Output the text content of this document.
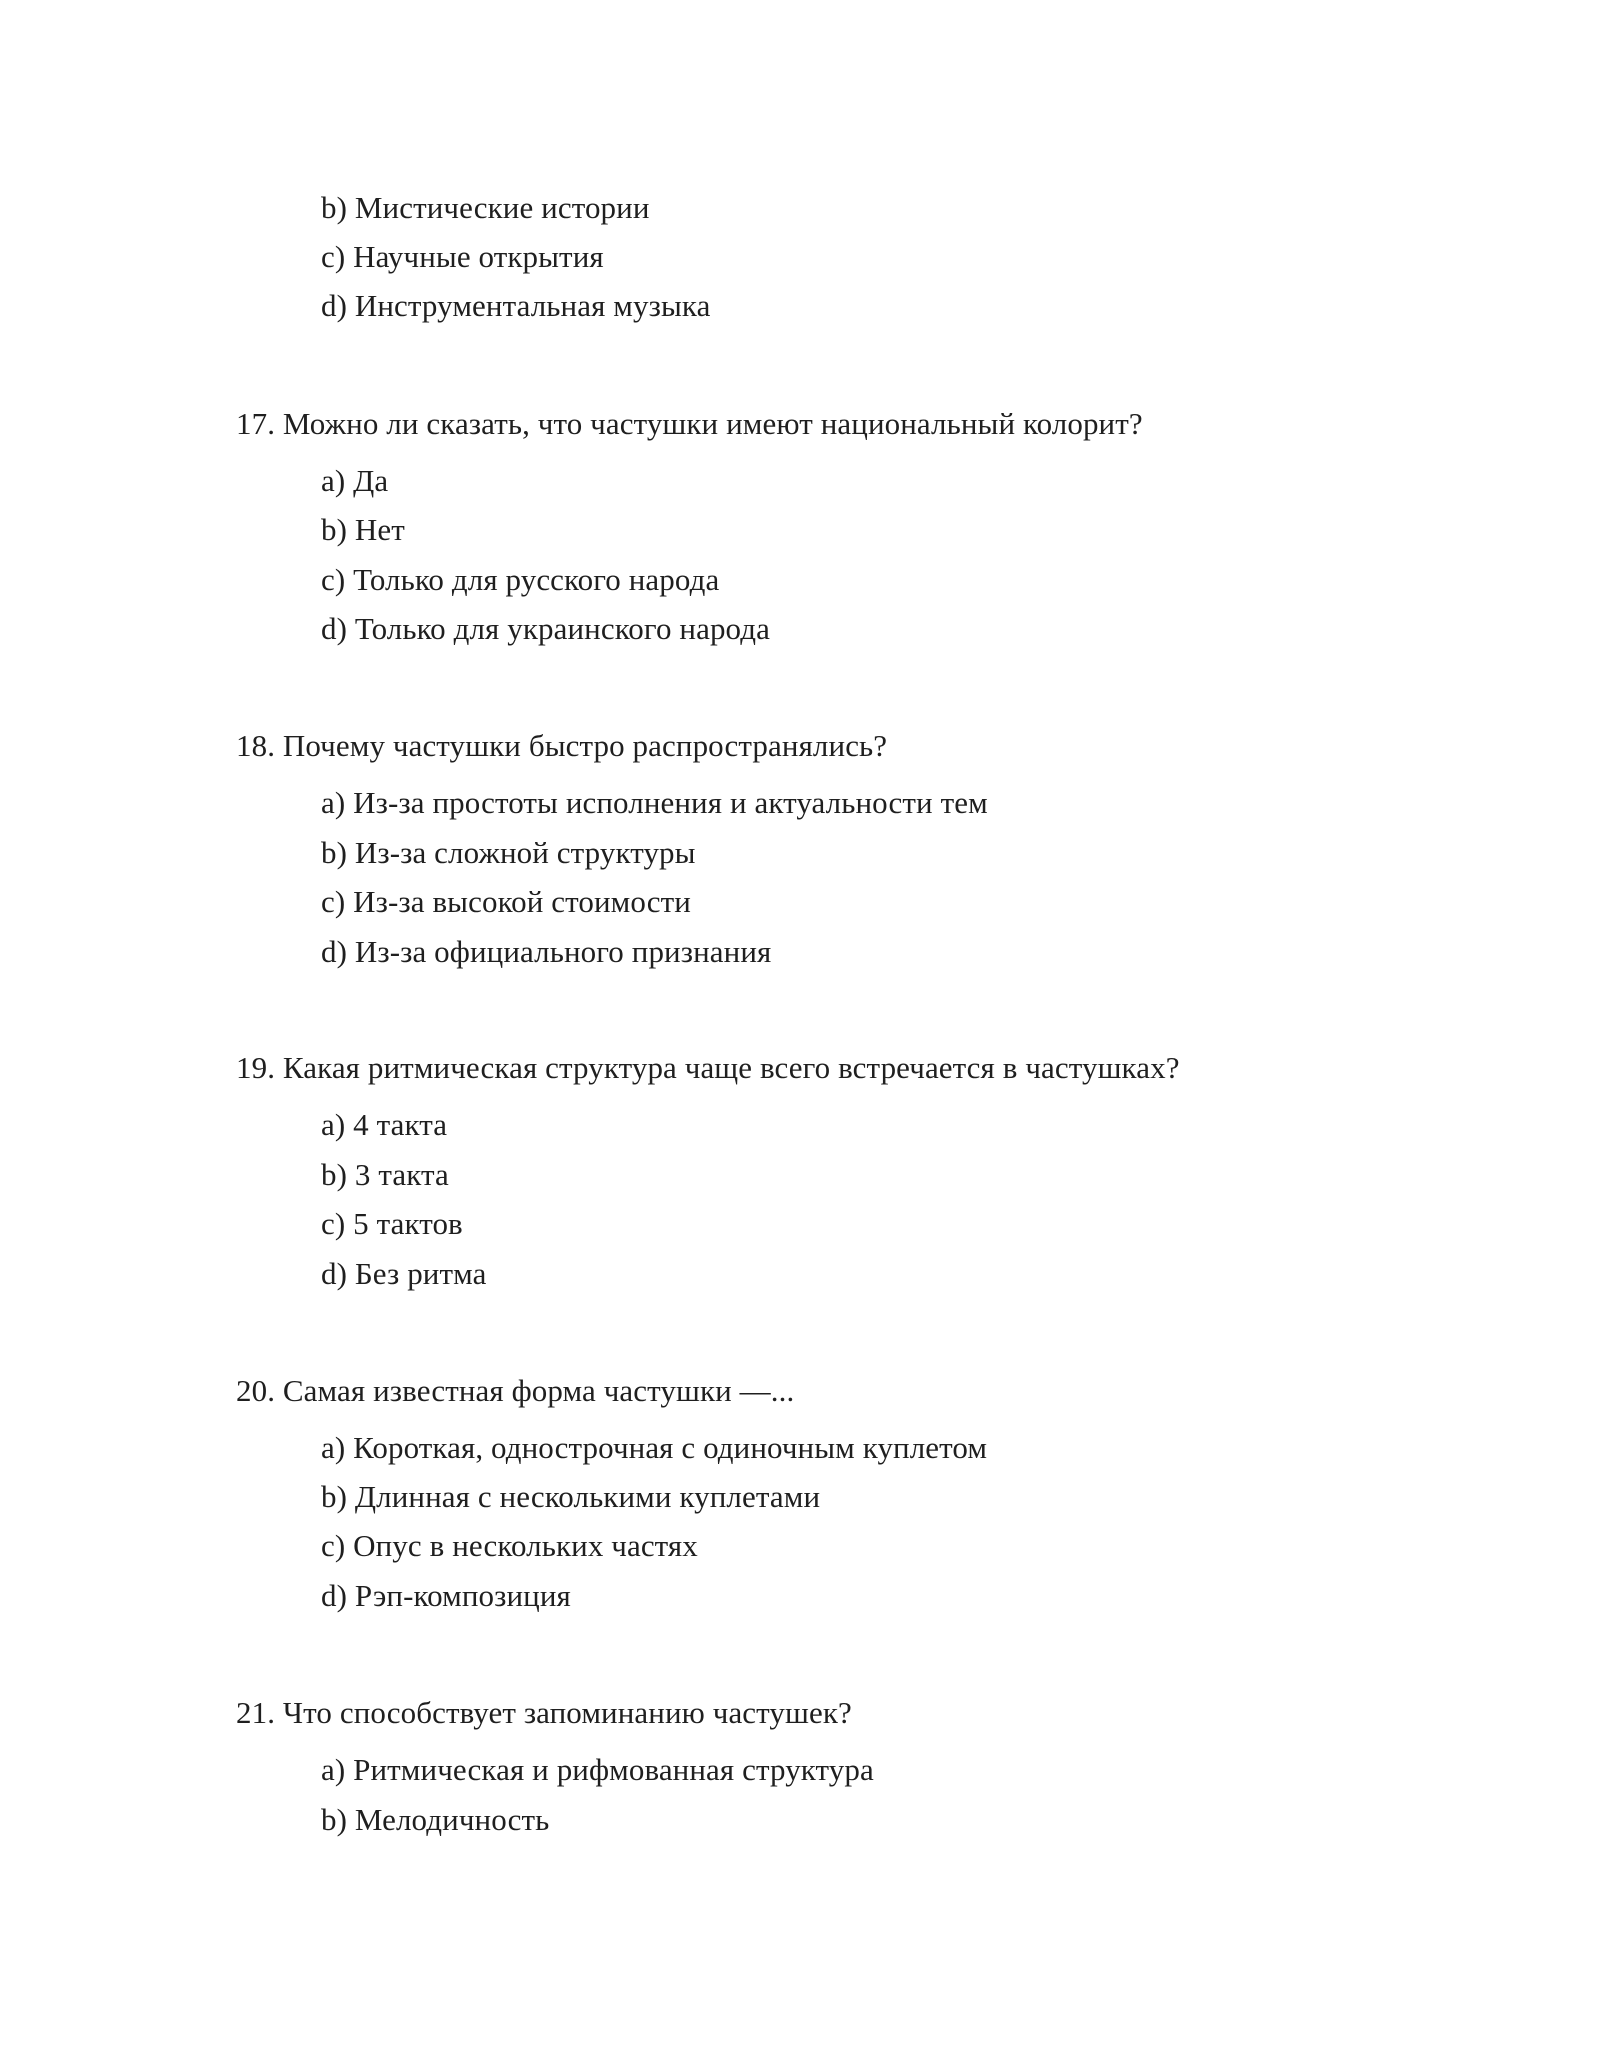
b) Мистические истории
c) Научные открытия
d) Инструментальная музыка
17. Можно ли сказать, что частушки имеют национальный колорит?
a) Да
b) Нет
c) Только для русского народа
d) Только для украинского народа
18. Почему частушки быстро распространялись?
a) Из-за простоты исполнения и актуальности тем
b) Из-за сложной структуры
c) Из-за высокой стоимости
d) Из-за официального признания
19. Какая ритмическая структура чаще всего встречается в частушках?
a) 4 такта
b) 3 такта
c) 5 тактов
d) Без ритма
20. Самая известная форма частушки —...
a) Короткая, однострочная с одиночным куплетом
b) Длинная с несколькими куплетами
c) Опус в нескольких частях
d) Рэп-композиция
21. Что способствует запоминанию частушек?
a) Ритмическая и рифмованная структура
b) Мелодичность
